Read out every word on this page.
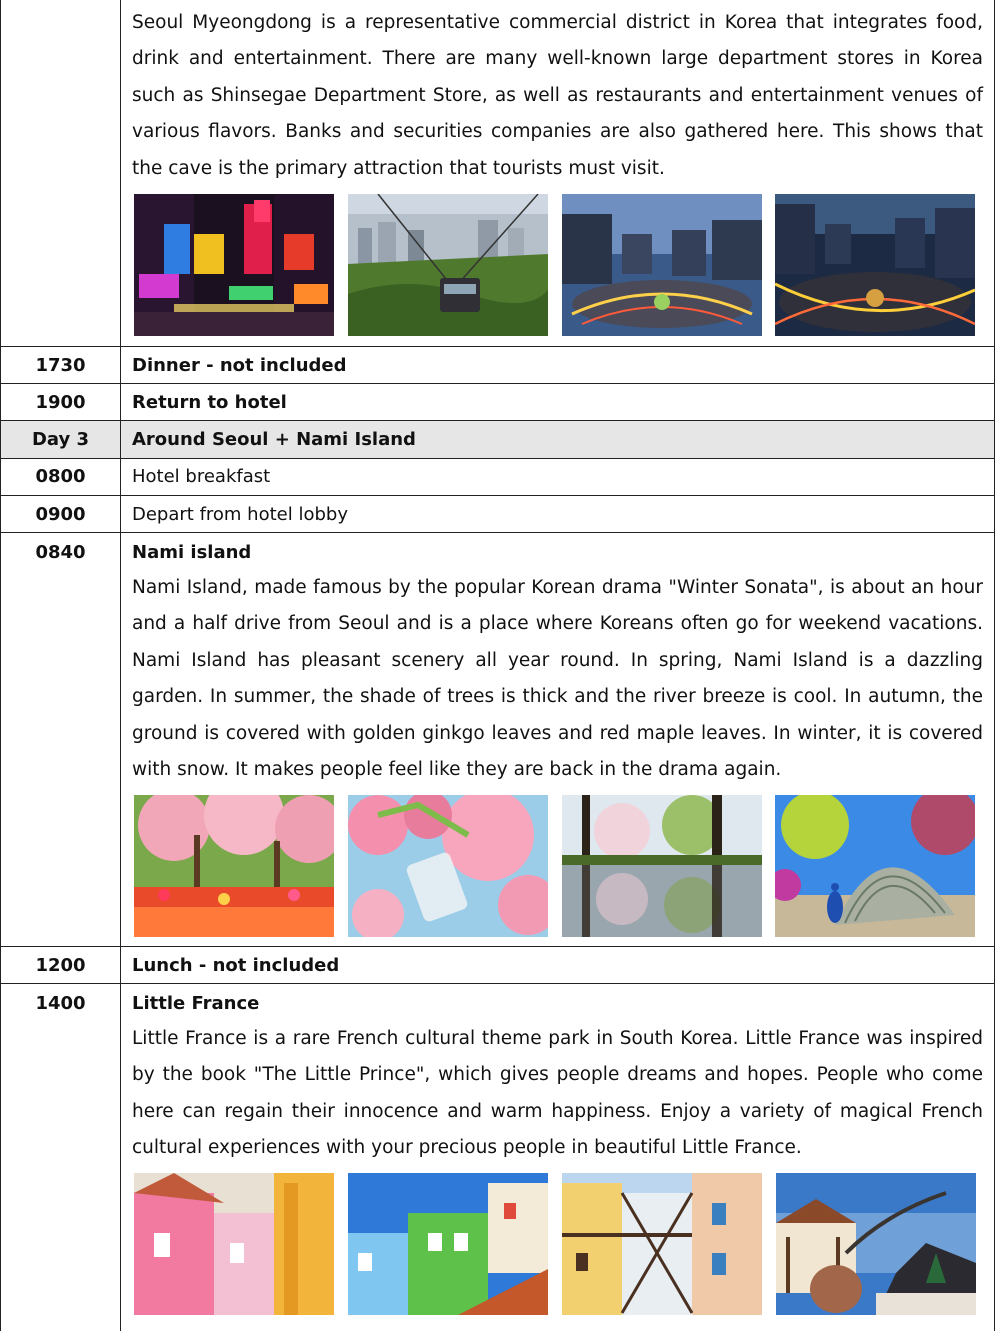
Seoul Myeongdong is a representative commercial district in Korea that integrates food, drink and entertainment. There are many well-known large department stores in Korea such as Shinsegae Department Store, as well as restaurants and entertainment venues of various flavors. Banks and securities companies are also gathered here. This shows that the cave is the primary attraction that tourists must visit.

1730	Dinner - not included
1900	Return to hotel
Day 3	Around Seoul + Nami Island
0800	Hotel breakfast
0900	Depart from hotel lobby
0840	Nami island

Nami Island, made famous by the popular Korean drama "Winter Sonata", is about an hour and a half drive from Seoul and is a place where Koreans often go for weekend vacations. Nami Island has pleasant scenery all year round. In spring, Nami Island is a dazzling garden. In summer, the shade of trees is thick and the river breeze is cool. In autumn, the ground is covered with golden ginkgo leaves and red maple leaves. In winter, it is covered with snow. It makes people feel like they are back in the drama again.

1200	Lunch - not included
1400	Little France

Little France is a rare French cultural theme park in South Korea. Little France was inspired by the book "The Little Prince", which gives people dreams and hopes. People who come here can regain their innocence and warm happiness. Enjoy a variety of magical French cultural experiences with your precious people in beautiful Little France.
